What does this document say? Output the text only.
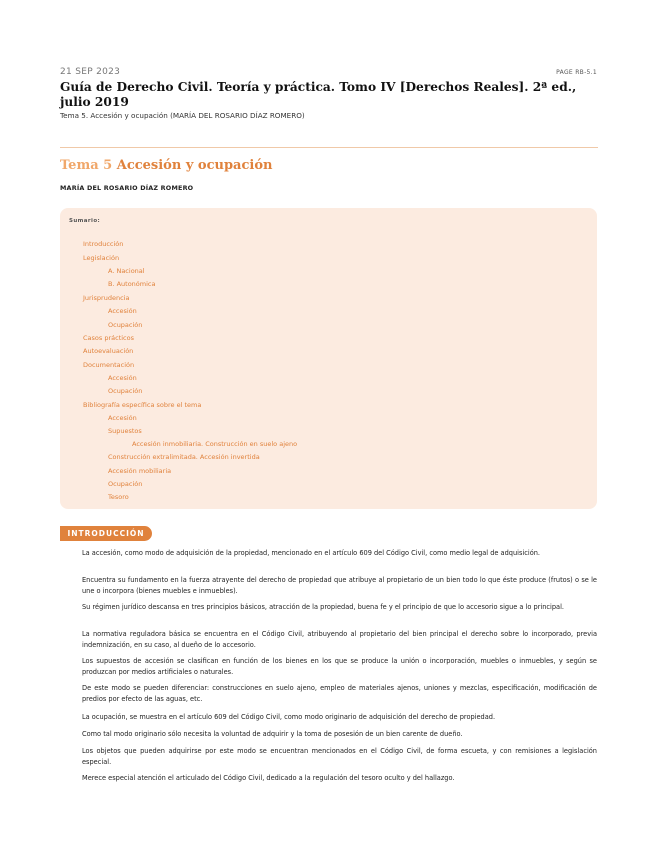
21 SEP 2023	PAGE RB-5.1
Guía de Derecho Civil. Teoría y práctica. Tomo IV [Derechos Reales]. 2ª ed., julio 2019
Tema 5. Accesión y ocupación (MARÍA DEL ROSARIO DÍAZ ROMERO)
Tema 5 Accesión y ocupación
MARÍA DEL ROSARIO DÍAZ ROMERO
Sumario:
Introducción
Legislación
A. Nacional
B. Autonómica
Jurisprudencia
Accesión
Ocupación
Casos prácticos
Autoevaluación
Documentación
Accesión
Ocupación
Bibliografía específica sobre el tema
Accesión
Supuestos
Accesión inmobiliaria. Construcción en suelo ajeno
Construcción extralimitada. Accesión invertida
Accesión mobiliaria
Ocupación
Tesoro
INTRODUCCIÓN

La accesión, como modo de adquisición de la propiedad, mencionado en el artículo 609 del Código Civil, como medio legal de adquisición.

Encuentra su fundamento en la fuerza atrayente del derecho de propiedad que atribuye al propietario de un bien todo lo que éste produce (frutos) o se le une o incorpora (bienes muebles e inmuebles).

Su régimen jurídico descansa en tres principios básicos, atracción de la propiedad, buena fe y el principio de que lo accesorio sigue a lo principal.

La normativa reguladora básica se encuentra en el Código Civil, atribuyendo al propietario del bien principal el derecho sobre lo incorporado, previa indemnización, en su caso, al dueño de lo accesorio.

Los supuestos de accesión se clasifican en función de los bienes en los que se produce la unión o incorporación, muebles o inmuebles, y según se produzcan por medios artificiales o naturales.

De este modo se pueden diferenciar: construcciones en suelo ajeno, empleo de materiales ajenos, uniones y mezclas, especificación, modificación de predios por efecto de las aguas, etc.

La ocupación, se muestra en el artículo 609 del Código Civil, como modo originario de adquisición del derecho de propiedad.

Como tal modo originario sólo necesita la voluntad de adquirir y la toma de posesión de un bien carente de dueño.

Los objetos que pueden adquirirse por este modo se encuentran mencionados en el Código Civil, de forma escueta, y con remisiones a legislación especial.

Merece especial atención el articulado del Código Civil, dedicado a la regulación del tesoro oculto y del hallazgo.
